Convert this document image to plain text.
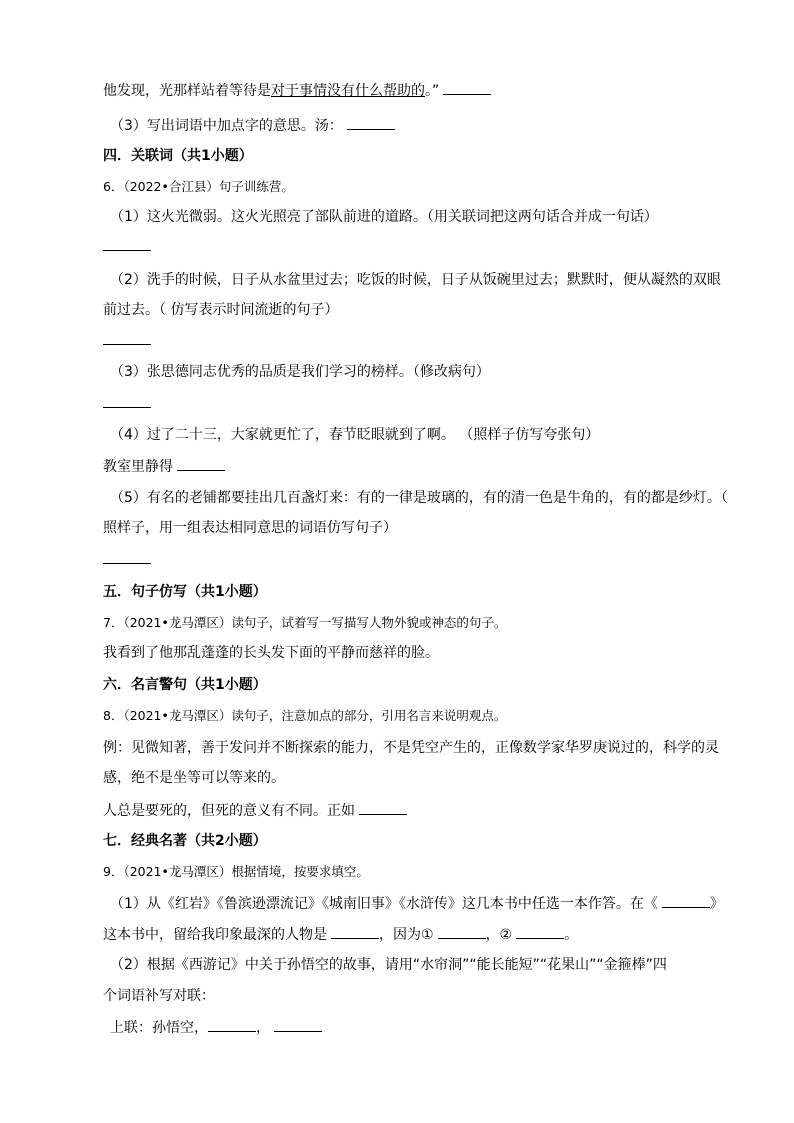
他发现，光那样站着等待是对于事情没有什么帮助的。”
（3）写出词语中加点字的意思。汤：
四．关联词（共1小题）
6．（2022•合江县）句子训练营。
（1）这火光微弱。这火光照亮了部队前进的道路。（用关联词把这两句话合并成一句话）
（2）洗手的时候，日子从水盆里过去；吃饭的时候，日子从饭碗里过去；默默时，便从凝然的双眼
前过去。（ 仿写表示时间流逝的句子）
（3）张思德同志优秀的品质是我们学习的榜样。（修改病句）
（4）过了二十三，大家就更忙了，春节眨眼就到了啊。 （照样子仿写夸张句）
教室里静得
（5）有名的老铺都要挂出几百盏灯来：有的一律是玻璃的，有的清一色是牛角的，有的都是纱灯。（
照样子，用一组表达相同意思的词语仿写句子）
五．句子仿写（共1小题）
7．（2021•龙马潭区）读句子，试着写一写描写人物外貌或神态的句子。
我看到了他那乱蓬蓬的长头发下面的平静而慈祥的脸。
六．名言警句（共1小题）
8．（2021•龙马潭区）读句子，注意加点的部分，引用名言来说明观点。
例：见微知著，善于发问并不断探索的能力，不是凭空产生的，正像数学家华罗庚说过的，科学的灵
感，绝不是坐等可以等来的。
人总是要死的，但死的意义有不同。正如
七．经典名著（共2小题）
9．（2021•龙马潭区）根据情境，按要求填空。
（1）从《红岩》《鲁滨逊漂流记》《城南旧事》《水浒传》这几本书中任选一本作答。在《	》
这本书中，留给我印象最深的人物是	，因为①	，②	。
（2）根据《西游记》中关于孙悟空的故事，请用“水帘洞”“能长能短”“花果山”“金箍棒”四
个词语补写对联：
上联：孙悟空，	，
